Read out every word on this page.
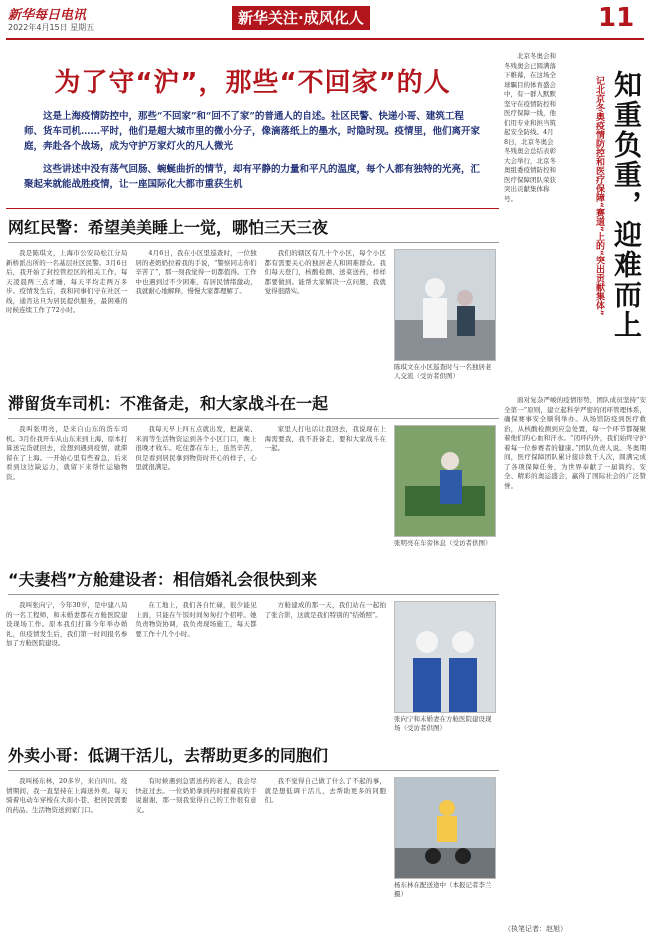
新华每日电讯
2022年4月15日 星期五
新华关注·成风化人	11
为了守“沪”，那些“不回家”的人

这是上海疫情防控中，那些“不回家”和“回不了家”的普通人的自述。社区民警、快递小哥、建筑工程师、货车司机……平时，他们是超大城市里的微小分子，像滴落纸上的墨水，时隐时现。疫情里，他们离开家庭，奔赴各个战场，成为守护万家灯火的凡人微光

这些讲述中没有荡气回肠、蜿蜒曲折的情节，却有平静的力量和平凡的温度，每个人都有独特的光亮，汇聚起来就能战胜疫情，让一座国际化大都市重获生机

网红民警：希望美美睡上一觉，哪怕三天三夜

我是陈琪文，上海市公安局松江分局新桥派出所的一名基层社区民警。3月6日后，我开始了封控管控区的相关工作，每天凌晨两三点才睡，每天平均走两万多步。疫情发生后，我和同事们守在社区一线，通宵达旦为居民提供服务，最困难的时候连续工作了72小时。

4月6日，我在小区里巡查时，一位独居的老奶奶拉着我的手说，“警察同志你们辛苦了”，那一刻我觉得一切都值得。工作中也遇到过不少困难，有居民情绪激动，我就耐心地解释，慢慢大家都理解了。

我们的辖区有几十个小区，每个小区都有需要关心的独居老人和困难群众。我们每天登门，核酸检测、送菜送药，样样都要做到。能帮大家解决一点问题，我就觉得很踏实。

陈琪文在小区巡查时与一名独居老人交流（受访者供图）
滞留货车司机：不准备走，和大家战斗在一起

我叫张明亮，是来自山东的货车司机。3月份我开车从山东来到上海，原本打算送完货就回去，没想到遇到疫情，就滞留在了上海。一开始心里有些着急，后来看到这边缺运力，就留下来帮忙运输物资。

我每天早上四五点就出发，把蔬菜、米面等生活物资运到各个小区门口，晚上很晚才收车。吃住都在车上，虽然辛苦，但是看到居民拿到物资时开心的样子，心里就很满足。

家里人打电话让我回去，我说现在上海需要我，我不准备走，要和大家战斗在一起。

张明亮在车旁休息（受访者供图）
“夫妻档”方舱建设者：相信婚礼会很快到来

我叫张向宁，今年30岁，是中建八局的一名工程师，和未婚妻都在方舱医院建设现场工作。原本我们打算今年举办婚礼，但疫情发生后，我们第一时间报名参加了方舱医院建设。

在工地上，我们各自忙碌，很少能见上面，只能在午饭时间匆匆打个招呼。她负责物资协调，我负责现场施工，每天都要工作十几个小时。

方舱建成的那一天，我们站在一起拍了张合影，这就是我们特别的“结婚照”。

张向宁和未婚妻在方舱医院建设现场（受访者供图）
外卖小哥：低调干活儿，去帮助更多的同胞们

我叫杨东林，20多岁，来自四川。疫情期间，我一直坚持在上海送外卖。每天骑着电动车穿梭在大街小巷，把居民需要的药品、生活物资送到家门口。

有时候遇到急需送药的老人，我会尽快赶过去。一位奶奶拿到药时握着我的手说谢谢，那一刻我觉得自己的工作很有意义。

我不觉得自己做了什么了不起的事，就是想低调干活儿，去帮助更多的同胞们。

杨东林在配送途中（本报记者李兰 摄）
北京冬奥会和冬残奥会已圆满落下帷幕，在这场全球瞩目的体育盛会中，有一群人默默坚守在疫情防控和医疗保障一线，他们用专业和担当筑起安全防线。4月8日，北京冬奥会冬残奥会总结表彰大会举行，北京冬奥组委疫情防控和医疗保障团队荣获突出贡献集体称号。	记北京冬奥疫情防控和医疗保障“赛道”上的“突出贡献集体” 知重负重，迎难而上
面对复杂严峻的疫情形势，团队成员坚持“安全第一”原则，建立起科学严密的闭环管理体系，确保赛事安全顺利举办。从场馆防疫到医疗救治，从核酸检测到应急处置，每一个环节都凝聚着他们的心血和汗水。“闭环内外，我们始终守护着每一位参赛者的健康。”团队负责人说。冬奥期间，医疗保障团队累计接诊数千人次，圆满完成了各项保障任务，为世界奉献了一届简约、安全、精彩的奥运盛会，赢得了国际社会的广泛赞誉。
（执笔记者：赵旭）
